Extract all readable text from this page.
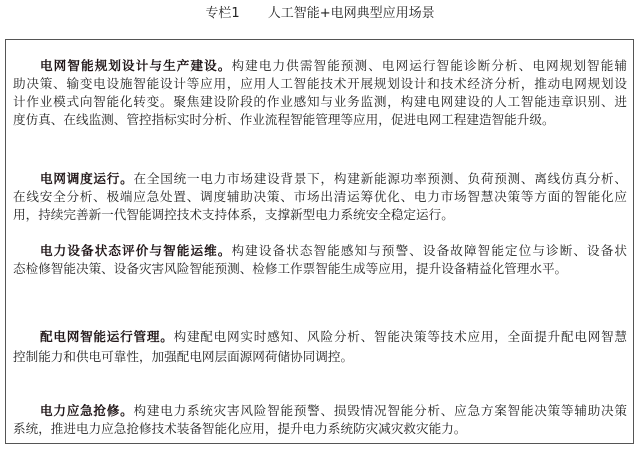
专栏1 人工智能+电网典型应用场景
电网智能规划设计与生产建设。构建电力供需智能预测、电网运行智能诊断分析、电网规划智能辅
助决策、输变电设施智能设计等应用，应用人工智能技术开展规划设计和技术经济分析，推动电网规划设
计作业模式向智能化转变。聚焦建设阶段的作业感知与业务监测，构建电网建设的人工智能违章识别、进
度仿真、在线监测、管控指标实时分析、作业流程智能管理等应用，促进电网工程建造智能升级。
电网调度运行。在全国统一电力市场建设背景下，构建新能源功率预测、负荷预测、离线仿真分析、
在线安全分析、极端应急处置、调度辅助决策、市场出清运筹优化、电力市场智慧决策等方面的智能化应
用，持续完善新一代智能调控技术支持体系，支撑新型电力系统安全稳定运行。
电力设备状态评价与智能运维。构建设备状态智能感知与预警、设备故障智能定位与诊断、设备状
态检修智能决策、设备灾害风险智能预测、检修工作票智能生成等应用，提升设备精益化管理水平。
配电网智能运行管理。构建配电网实时感知、风险分析、智能决策等技术应用，全面提升配电网智慧
控制能力和供电可靠性，加强配电网层面源网荷储协同调控。
电力应急抢修。构建电力系统灾害风险智能预警、损毁情况智能分析、应急方案智能决策等辅助决策
系统，推进电力应急抢修技术装备智能化应用，提升电力系统防灾减灾救灾能力。
